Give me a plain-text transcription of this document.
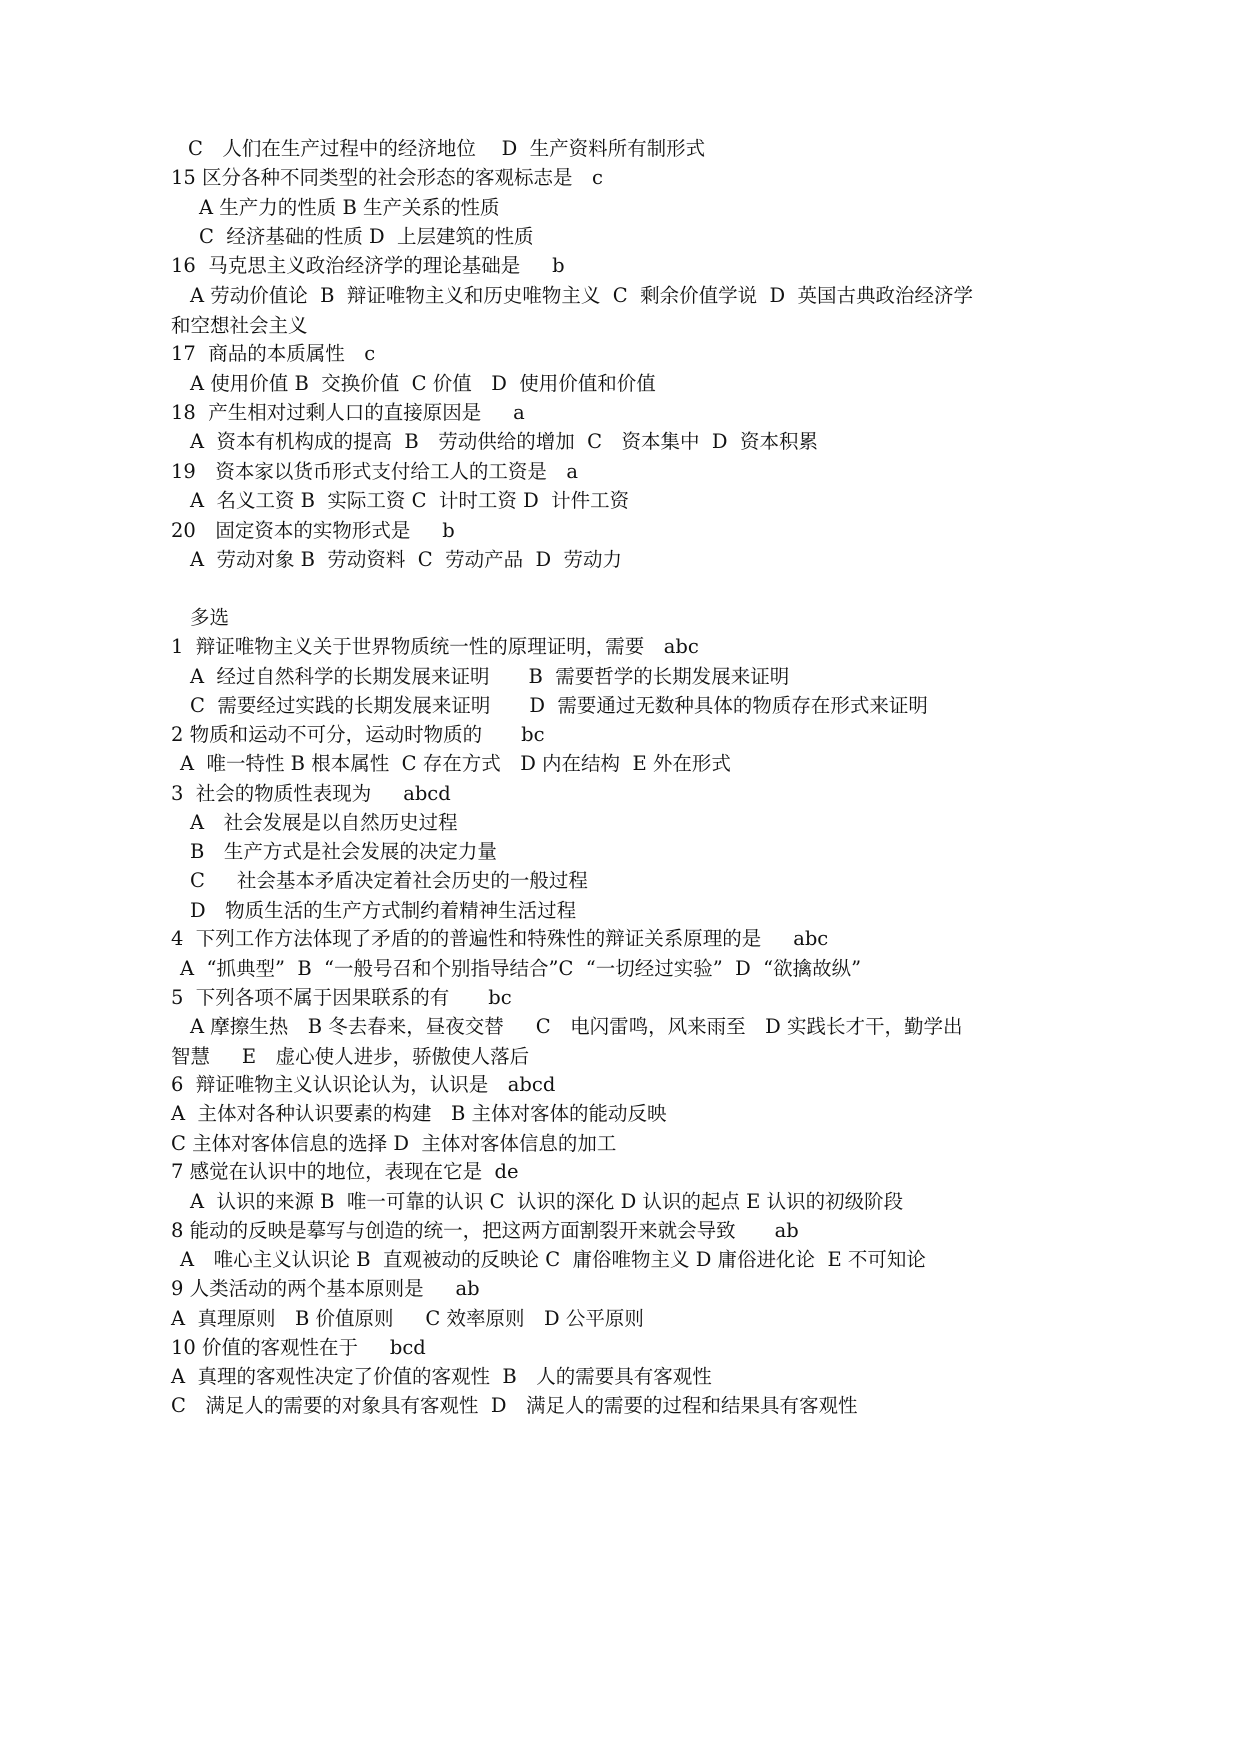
C　人们在生产过程中的经济地位　 D  生产资料所有制形式
15 区分各种不同类型的社会形态的客观标志是　c
A 生产力的性质 B 生产关系的性质
C  经济基础的性质 D  上层建筑的性质
16  马克思主义政治经济学的理论基础是　  b
A 劳动价值论  B  辩证唯物主义和历史唯物主义  C  剩余价值学说  D  英国古典政治经济学
和空想社会主义
17  商品的本质属性　c
A 使用价值 B  交换价值  C 价值　D  使用价值和价值
18  产生相对过剩人口的直接原因是　  a
A  资本有机构成的提高  B　劳动供给的增加  C　资本集中  D  资本积累
19　资本家以货币形式支付给工人的工资是　a
A  名义工资 B  实际工资 C  计时工资 D  计件工资
20　固定资本的实物形式是　  b
A  劳动对象 B  劳动资料  C  劳动产品  D  劳动力
多选
1  辩证唯物主义关于世界物质统一性的原理证明，需要　abc
A  经过自然科学的长期发展来证明　　B  需要哲学的长期发展来证明
C  需要经过实践的长期发展来证明　　D  需要通过无数种具体的物质存在形式来证明
2 物质和运动不可分，运动时物质的　　bc
A  唯一特性 B 根本属性  C 存在方式　D 内在结构  E 外在形式
3  社会的物质性表现为　  abcd
A　社会发展是以自然历史过程
B　生产方式是社会发展的决定力量
C　  社会基本矛盾决定着社会历史的一般过程
D　物质生活的生产方式制约着精神生活过程
4  下列工作方法体现了矛盾的的普遍性和特殊性的辩证关系原理的是　  abc
A  “抓典型”  B  “一般号召和个别指导结合”C  “一切经过实验”  D  “欲擒故纵”
5  下列各项不属于因果联系的有　　bc
A 摩擦生热　B 冬去春来，昼夜交替　  C　电闪雷鸣，风来雨至　D 实践长才干，勤学出
智慧　  E　虚心使人进步，骄傲使人落后
6  辩证唯物主义认识论认为，认识是　abcd
A  主体对各种认识要素的构建　B 主体对客体的能动反映
C 主体对客体信息的选择 D  主体对客体信息的加工
7 感觉在认识中的地位，表现在它是  de
A  认识的来源 B  唯一可靠的认识 C  认识的深化 D 认识的起点 E 认识的初级阶段
8 能动的反映是摹写与创造的统一，把这两方面割裂开来就会导致　　ab
A　唯心主义认识论 B  直观被动的反映论 C  庸俗唯物主义 D 庸俗进化论  E 不可知论
9 人类活动的两个基本原则是　  ab
A  真理原则　B 价值原则　  C 效率原则　D 公平原则
10 价值的客观性在于　  bcd
A  真理的客观性决定了价值的客观性  B　人的需要具有客观性
C　满足人的需要的对象具有客观性  D　满足人的需要的过程和结果具有客观性
